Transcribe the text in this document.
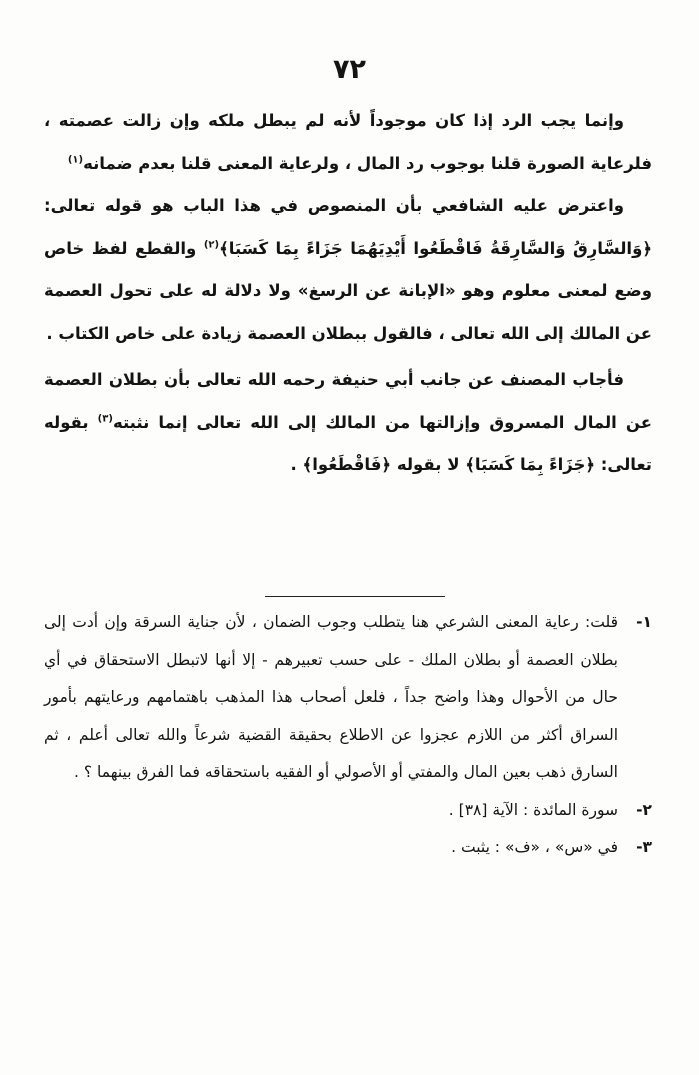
٧٢

وإنما يجب الرد إذا كان موجوداً لأنه لم يبطل ملكه وإن زالت عصمته ، فلرعاية الصورة قلنا بوجوب رد المال ، ولرعاية المعنى قلنا بعدم ضمانه$^{(١)}$

واعترض عليه الشافعي بأن المنصوص في هذا الباب هو قوله تعالى: ﴿وَالسَّارِقُ وَالسَّارِقَةُ فَاقْطَعُوا أَيْدِيَهُمَا جَزَاءً بِمَا كَسَبَا﴾$^{(٢)}$ والقطع لفظ خاص وضع لمعنى معلوم وهو «الإبانة عن الرسغ» ولا دلالة له على تحول العصمة عن المالك إلى الله تعالى ، فالقول ببطلان العصمة زيادة على خاص الكتاب .

فأجاب المصنف عن جانب أبي حنيفة رحمه الله تعالى بأن بطلان العصمة عن المال المسروق وإزالتها من المالك إلى الله تعالى إنما نثبته$^{(٣)}$ بقوله تعالى: ﴿جَزَاءً بِمَا كَسَبَا﴾ لا بقوله ﴿فَاقْطَعُوا﴾ .

١-
قلت: رعاية المعنى الشرعي هنا يتطلب وجوب الضمان ، لأن جناية السرقة وإن أدت إلى بطلان العصمة أو بطلان الملك - على حسب تعبيرهم - إلا أنها لاتبطل الاستحقاق في أي حال من الأحوال وهذا واضح جداً ، فلعل أصحاب هذا المذهب باهتمامهم ورعايتهم بأمور السراق أكثر من اللازم عجزوا عن الاطلاع بحقيقة القضية شرعاً والله تعالى أعلم ، ثم السارق ذهب بعين المال والمفتي أو الأصولي أو الفقيه باستحقاقه فما الفرق بينهما ؟ .
٢-
سورة المائدة : الآية [٣٨] .
٣-
في «س» ، «ف» : يثبت .
